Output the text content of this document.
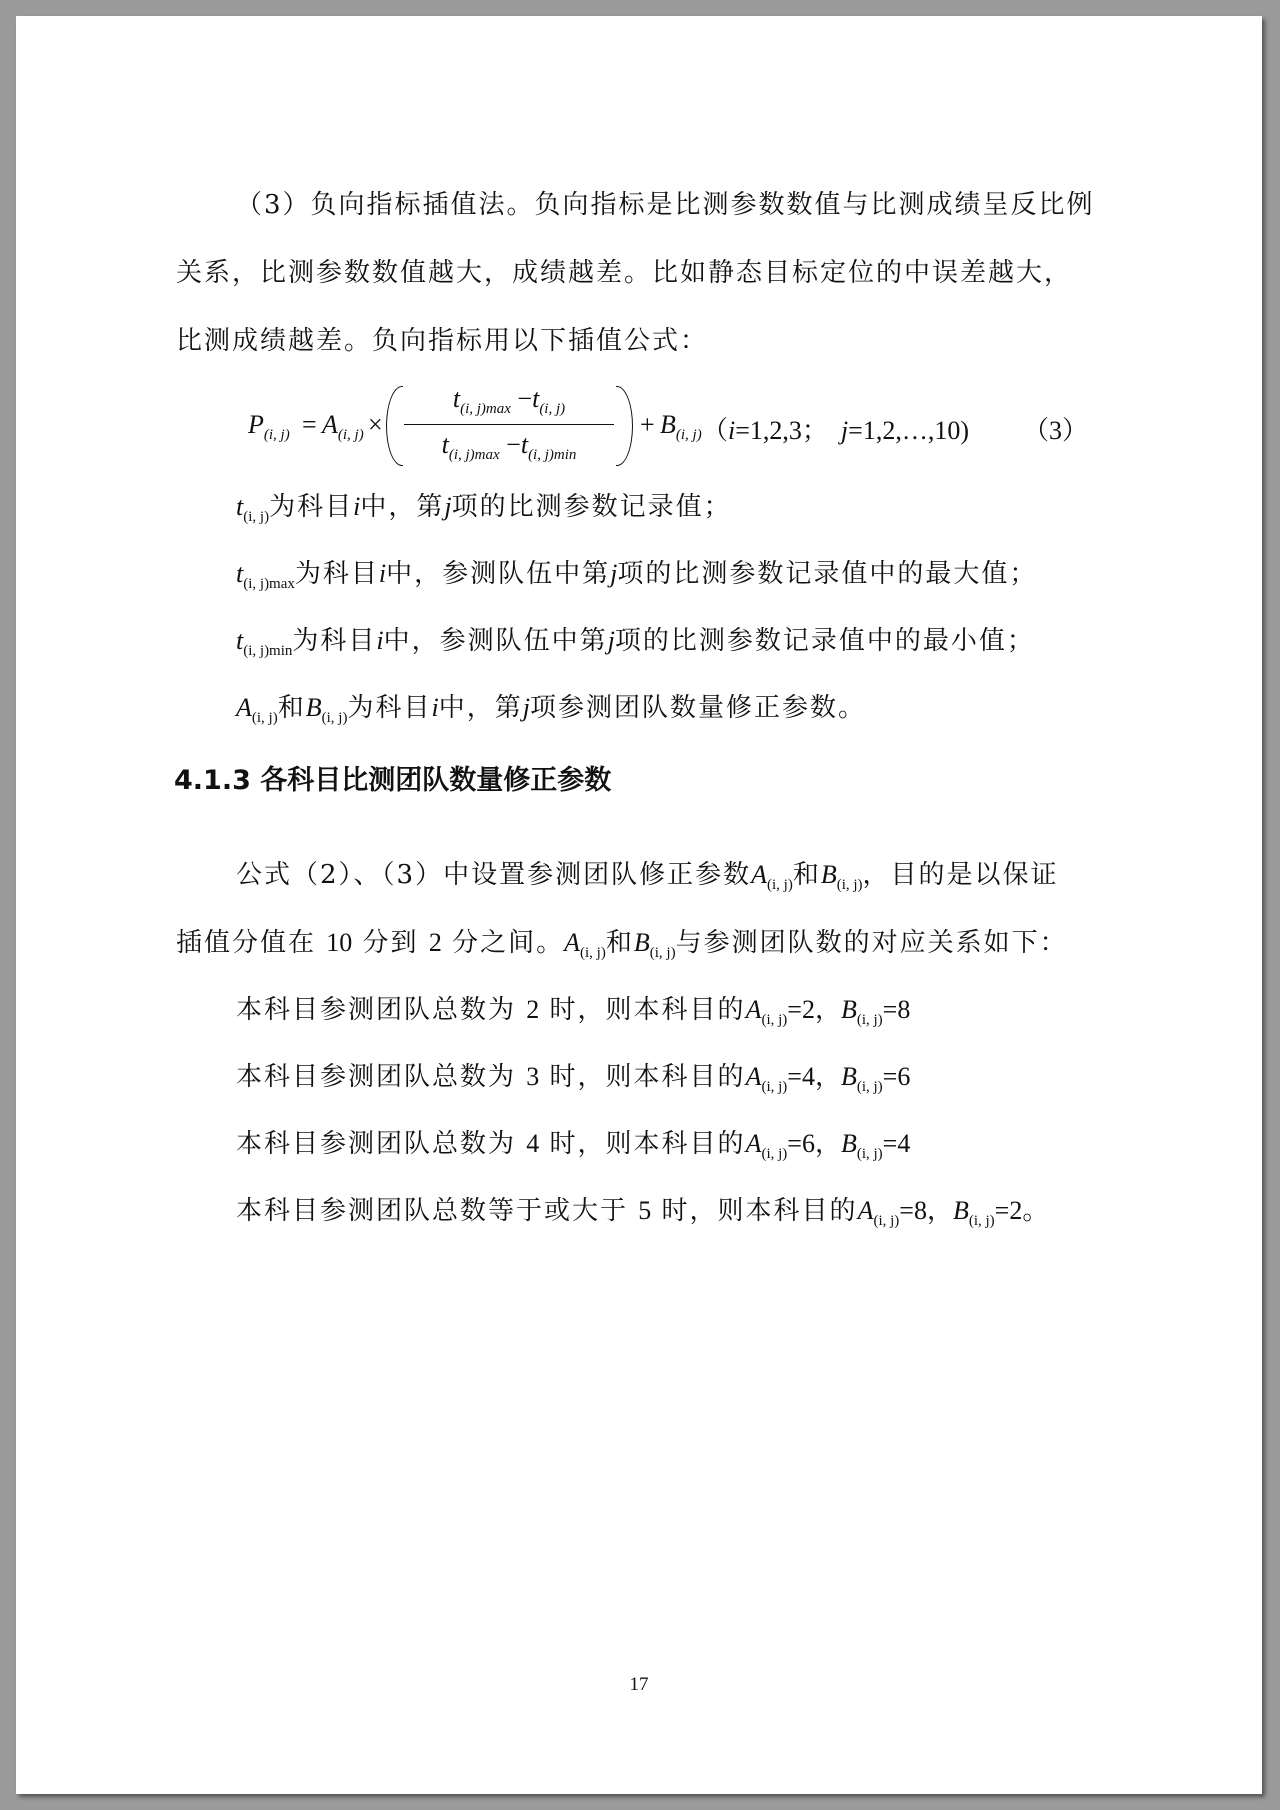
（3）负向指标插值法。负向指标是比测参数数值与比测成绩呈反比例
关系，比测参数数值越大，成绩越差。比如静态目标定位的中误差越大，
比测成绩越差。负向指标用以下插值公式：
$P_{(i, j)} = A_{(i, j)}$ ×
$t_{(i, j)max} -t_{(i, j)}$
$t_{(i, j)max} -t_{(i, j)min}$
+ $B_{(i, j)}$ （i=1,2,3； j=1,2,…,10) （3）
$t_{(i, j)}$为科目i中，第j项的比测参数记录值；
$t_{(i, j)max}$为科目i中，参测队伍中第j项的比测参数记录值中的最大值；
$t_{(i, j)min}$为科目i中，参测队伍中第j项的比测参数记录值中的最小值；
$A_{(i, j)}$和$B_{(i, j)}$为科目i中，第j项参测团队数量修正参数。
4.1.3 各科目比测团队数量修正参数
公式（2）、（3）中设置参测团队修正参数$A_{(i, j)}$和$B_{(i, j)}$，目的是以保证
插值分值在 10 分到 2 分之间。$A_{(i, j)}$和$B_{(i, j)}$与参测团队数的对应关系如下：
本科目参测团队总数为 2 时，则本科目的$A_{(i, j)}=2$，$B_{(i, j)}=8$
本科目参测团队总数为 3 时，则本科目的$A_{(i, j)}=4$，$B_{(i, j)}=6$
本科目参测团队总数为 4 时，则本科目的$A_{(i, j)}=6$，$B_{(i, j)}=4$
本科目参测团队总数等于或大于 5 时，则本科目的$A_{(i, j)}=8$，$B_{(i, j)}=2$。
17
